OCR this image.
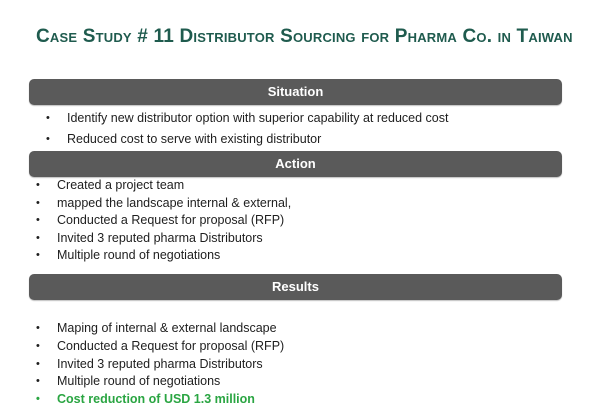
Case Study # 11 Distributor Sourcing for Pharma Co. in Taiwan
Situation
• Identify new distributor option with superior capability at reduced cost
• Reduced cost to serve with existing distributor
Action
• Created a project team
• mapped the landscape internal & external,
• Conducted a Request for proposal (RFP)
• Invited 3 reputed pharma Distributors
• Multiple round of negotiations
Results
• Maping of internal & external landscape
• Conducted a Request for proposal (RFP)
• Invited 3 reputed pharma Distributors
• Multiple round of negotiations
• Cost reduction of USD 1.3 million
